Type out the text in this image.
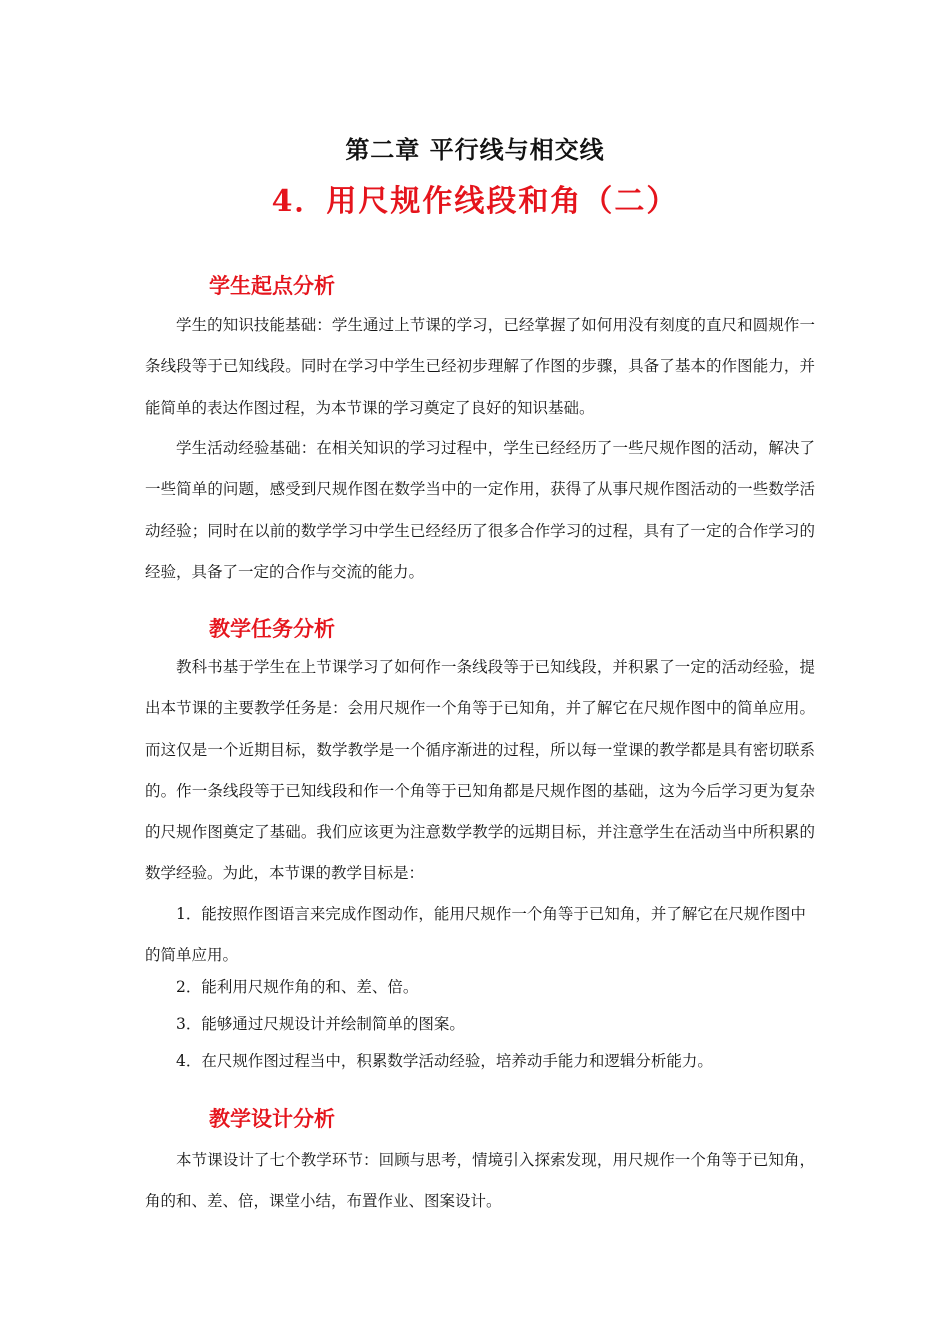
第二章 平行线与相交线
4．用尺规作线段和角（二）
学生起点分析
学生的知识技能基础：学生通过上节课的学习，已经掌握了如何用没有刻度的直尺和圆规作一条线段等于已知线段。同时在学习中学生已经初步理解了作图的步骤，具备了基本的作图能力，并能简单的表达作图过程，为本节课的学习奠定了良好的知识基础。
学生活动经验基础：在相关知识的学习过程中，学生已经经历了一些尺规作图的活动，解决了一些简单的问题，感受到尺规作图在数学当中的一定作用，获得了从事尺规作图活动的一些数学活动经验；同时在以前的数学学习中学生已经经历了很多合作学习的过程，具有了一定的合作学习的经验，具备了一定的合作与交流的能力。
教学任务分析
教科书基于学生在上节课学习了如何作一条线段等于已知线段，并积累了一定的活动经验，提出本节课的主要教学任务是：会用尺规作一个角等于已知角，并了解它在尺规作图中的简单应用。而这仅是一个近期目标，数学教学是一个循序渐进的过程，所以每一堂课的教学都是具有密切联系的。作一条线段等于已知线段和作一个角等于已知角都是尺规作图的基础，这为今后学习更为复杂的尺规作图奠定了基础。我们应该更为注意数学教学的远期目标，并注意学生在活动当中所积累的数学经验。为此，本节课的教学目标是：
1．能按照作图语言来完成作图动作，能用尺规作一个角等于已知角，并了解它在尺规作图中的简单应用。
2．能利用尺规作角的和、差、倍。
3．能够通过尺规设计并绘制简单的图案。
4．在尺规作图过程当中，积累数学活动经验，培养动手能力和逻辑分析能力。
教学设计分析
本节课设计了七个教学环节：回顾与思考，情境引入探索发现，用尺规作一个角等于已知角，角的和、差、倍，课堂小结，布置作业、图案设计。
